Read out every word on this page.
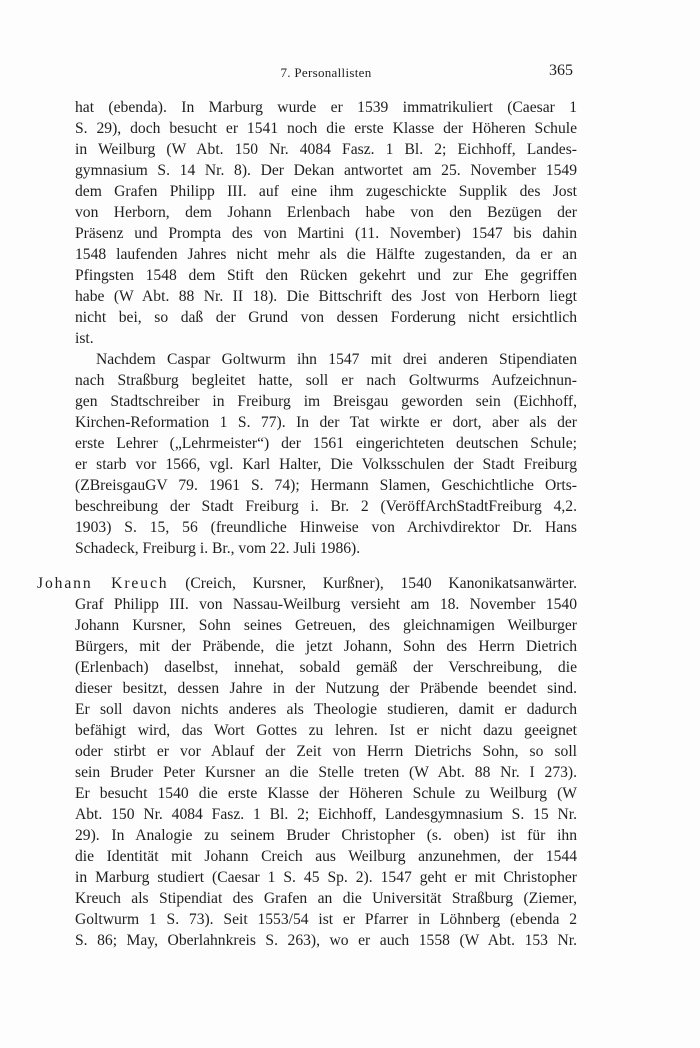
7. Personallisten	365
hat (ebenda). In Marburg wurde er 1539 immatrikuliert (Caesar 1
S. 29), doch besucht er 1541 noch die erste Klasse der Höheren Schule
in Weilburg (W Abt. 150 Nr. 4084 Fasz. 1 Bl. 2; Eichhoff, Landes-
gymnasium S. 14 Nr. 8). Der Dekan antwortet am 25. November 1549
dem Grafen Philipp III. auf eine ihm zugeschickte Supplik des Jost
von Herborn, dem Johann Erlenbach habe von den Bezügen der
Präsenz und Prompta des von Martini (11. November) 1547 bis dahin
1548 laufenden Jahres nicht mehr als die Hälfte zugestanden, da er an
Pfingsten 1548 dem Stift den Rücken gekehrt und zur Ehe gegriffen
habe (W Abt. 88 Nr. II 18). Die Bittschrift des Jost von Herborn liegt
nicht bei, so daß der Grund von dessen Forderung nicht ersichtlich
ist.
Nachdem Caspar Goltwurm ihn 1547 mit drei anderen Stipendiaten
nach Straßburg begleitet hatte, soll er nach Goltwurms Aufzeichnun-
gen Stadtschreiber in Freiburg im Breisgau geworden sein (Eichhoff,
Kirchen-Reformation 1 S. 77). In der Tat wirkte er dort, aber als der
erste Lehrer („Lehrmeister“) der 1561 eingerichteten deutschen Schule;
er starb vor 1566, vgl. Karl Halter, Die Volksschulen der Stadt Freiburg
(ZBreisgauGV 79. 1961 S. 74); Hermann Slamen, Geschichtliche Orts-
beschreibung der Stadt Freiburg i. Br. 2 (VeröffArchStadtFreiburg 4,2.
1903) S. 15, 56 (freundliche Hinweise von Archivdirektor Dr. Hans
Schadeck, Freiburg i. Br., vom 22. Juli 1986).
Johann Kreuch (Creich, Kursner, Kurßner), 1540 Kanonikatsanwärter.
Graf Philipp III. von Nassau-Weilburg versieht am 18. November 1540
Johann Kursner, Sohn seines Getreuen, des gleichnamigen Weilburger
Bürgers, mit der Präbende, die jetzt Johann, Sohn des Herrn Dietrich
(Erlenbach) daselbst, innehat, sobald gemäß der Verschreibung, die
dieser besitzt, dessen Jahre in der Nutzung der Präbende beendet sind.
Er soll davon nichts anderes als Theologie studieren, damit er dadurch
befähigt wird, das Wort Gottes zu lehren. Ist er nicht dazu geeignet
oder stirbt er vor Ablauf der Zeit von Herrn Dietrichs Sohn, so soll
sein Bruder Peter Kursner an die Stelle treten (W Abt. 88 Nr. I 273).
Er besucht 1540 die erste Klasse der Höheren Schule zu Weilburg (W
Abt. 150 Nr. 4084 Fasz. 1 Bl. 2; Eichhoff, Landesgymnasium S. 15 Nr.
29). In Analogie zu seinem Bruder Christopher (s. oben) ist für ihn
die Identität mit Johann Creich aus Weilburg anzunehmen, der 1544
in Marburg studiert (Caesar 1 S. 45 Sp. 2). 1547 geht er mit Christopher
Kreuch als Stipendiat des Grafen an die Universität Straßburg (Ziemer,
Goltwurm 1 S. 73). Seit 1553/54 ist er Pfarrer in Löhnberg (ebenda 2
S. 86; May, Oberlahnkreis S. 263), wo er auch 1558 (W Abt. 153 Nr.
